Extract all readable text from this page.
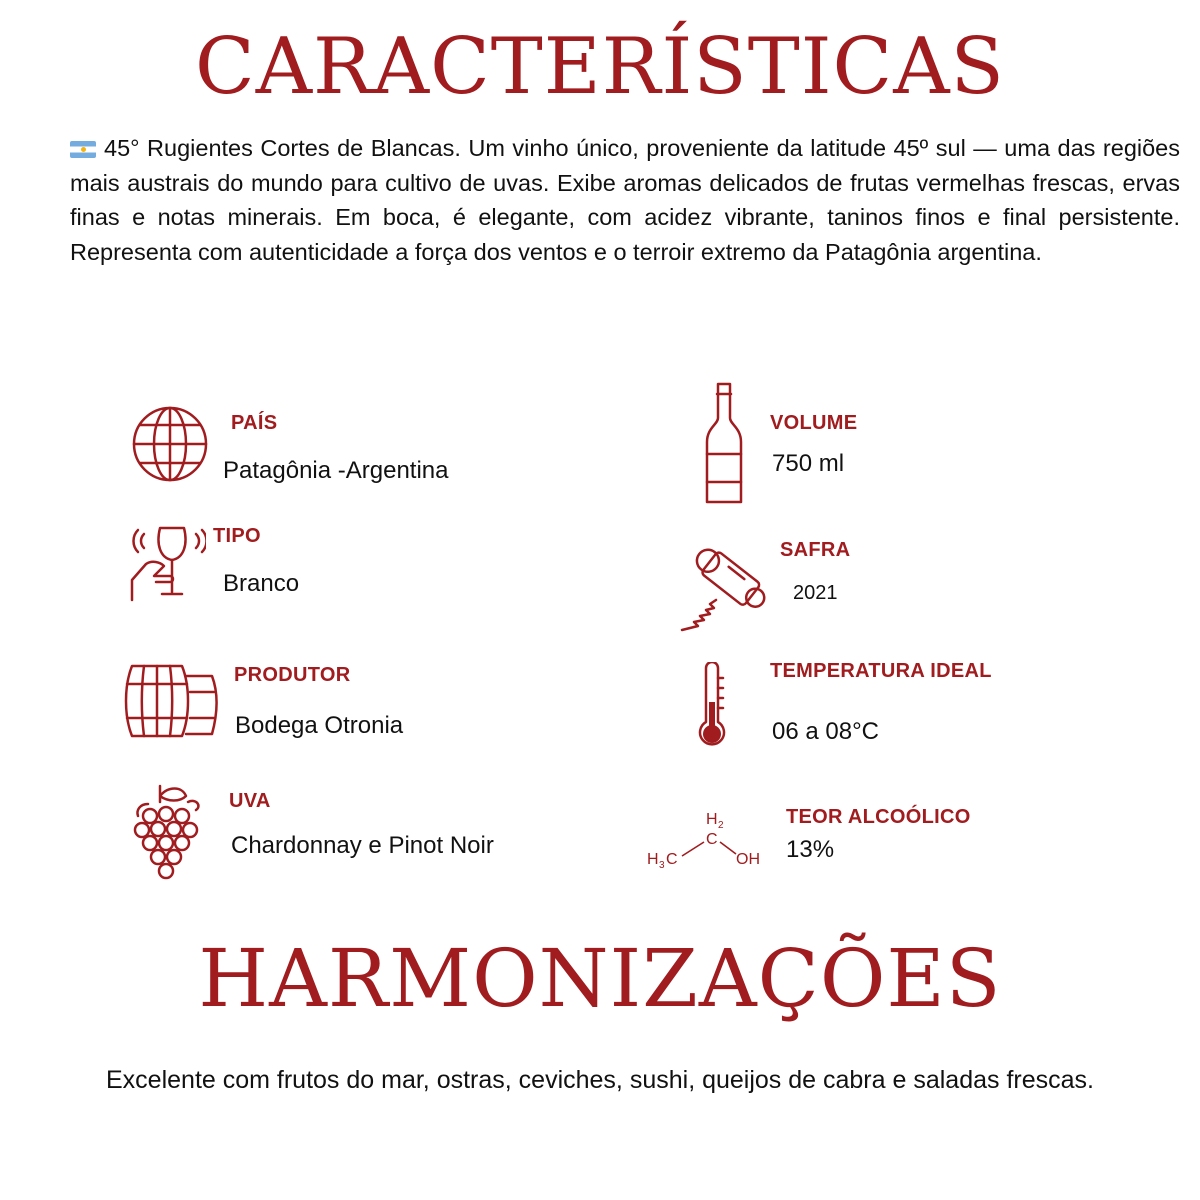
CARACTERÍSTICAS

45° Rugientes Cortes de Blancas. Um vinho único, proveniente da latitude 45º sul — uma das regiões mais austrais do mundo para cultivo de uvas. Exibe aromas delicados de frutas vermelhas frescas, ervas finas e notas minerais. Em boca, é elegante, com acidez vibrante, taninos finos e final persistente. Representa com autenticidade a força dos ventos e o terroir extremo da Patagônia argentina.

PAÍS
Patagônia -Argentina
TIPO
Branco
PRODUTOR
Bodega Otronia
UVA
Chardonnay e Pinot Noir
VOLUME
750 ml
SAFRA
2021
TEMPERATURA IDEAL
06 a 08°C
H 2
C
H 3 C	OH
TEOR ALCOÓLICO
13%
HARMONIZAÇÕES

Excelente com frutos do mar, ostras, ceviches, sushi, queijos de cabra e saladas frescas.
